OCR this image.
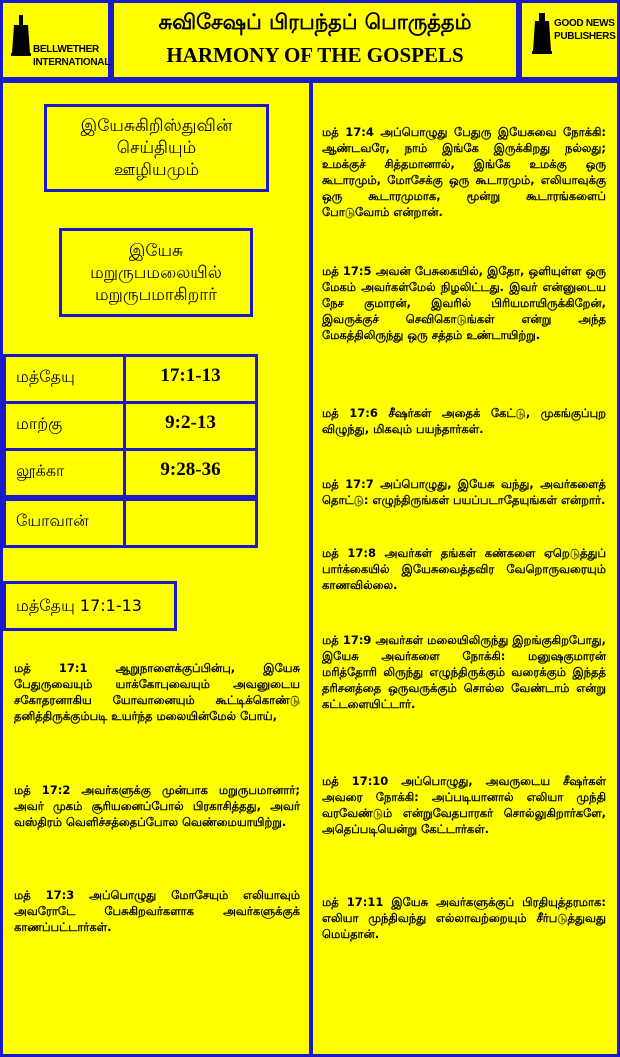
BELLWETHER
INTERNATIONAL
சுவிசேஷப் பிரபந்தப் பொருத்தம்
HARMONY OF THE GOSPELS
GOOD NEWS
PUBLISHERS
இயேசுகிறிஸ்துவின்
செய்தியும்
ஊழியமும்
இயேசு
மறுருபமலையில்
மறுருபமாகிறார்
மத்தேயு	17:1-13
மாற்கு	9:2-13
லூக்கா	9:28-36
யோவான்
மத்தேயு 17:1-13
மத் 17:1 ஆறுநாளைக்குப்பின்பு, இயேசு பேதுருவையும் யாக்கோபுவையும் அவனுடைய சகோதரனாகிய யோவானையும் கூட்டிக்கொண்டு தனித்திருக்கும்படி உயர்ந்த மலையின்மேல் போய்,
மத் 17:2 அவர்களுக்கு முன்பாக மறுருபமானார்; அவர் முகம் சூரியனைப்போல் பிரகாசித்தது, அவர் வஸ்திரம் வெளிச்சத்தைப்போல வெண்மையாயிற்று.
மத் 17:3 அப்பொழுது மோசேயும் எலியாவும் அவரோடே பேசுகிறவர்களாக அவர்களுக்குக் காணப்பட்டார்கள்.
மத் 17:4 அப்பொழுது பேதுரு இயேசுவை நோக்கி: ஆண்டவரே, நாம் இங்கே இருக்கிறது நல்லது; உமக்குச் சித்தமானால், இங்கே உமக்கு ஒரு கூடாரமும், மோசேக்கு ஒரு கூடாரமும், எலியாவுக்கு ஒரு கூடாரமுமாக, மூன்று கூடாரங்களைப் போடுவோம் என்றான்.
மத் 17:5 அவன் பேசுகையில், இதோ, ஒளியுள்ள ஒரு மேகம் அவர்கள்மேல் நிழலிட்டது. இவர் என்னுடைய நேச குமாரன், இவரில் பிரியமாயிருக்கிறேன், இவருக்குச் செவிகொடுங்கள் என்று அந்த மேகத்திலிருந்து ஒரு சத்தம் உண்டாயிற்று.
மத் 17:6 சீஷர்கள் அதைக் கேட்டு, முகங்குப்புற விழுந்து, மிகவும் பயந்தார்கள்.
மத் 17:7 அப்பொழுது, இயேசு வந்து, அவர்களைத் தொட்டு: எழுந்திருங்கள் பயப்படாதேயுங்கள் என்றார்.
மத் 17:8 அவர்கள் தங்கள் கண்களை ஏறெடுத்துப் பார்க்கையில் இயேசுவைத்தவிர வேறொருவரையும் காணவில்லை.
மத் 17:9 அவர்கள் மலையிலிருந்து இறங்குகிறபோது, இயேசு அவர்களை நோக்கி: மனுஷகுமாரன் மரித்தோரி லிருந்து எழுந்திருக்கும் வரைக்கும் இந்தத் தரிசனத்தை ஒருவருக்கும் சொல்ல வேண்டாம் என்று கட்டளையிட்டார்.
மத் 17:10 அப்பொழுது, அவருடைய சீஷர்கள் அவரை நோக்கி: அப்படியானால் எலியா முந்தி வரவேண்டும் என்றுவேதபாரகர் சொல்லுகிறார்களே, அதெப்படியென்று கேட்டார்கள்.
மத் 17:11 இயேசு அவர்களுக்குப் பிரதியுத்தரமாக: எலியா முந்திவந்து எல்லாவற்றையும் சீர்படுத்துவது மெய்தான்.
